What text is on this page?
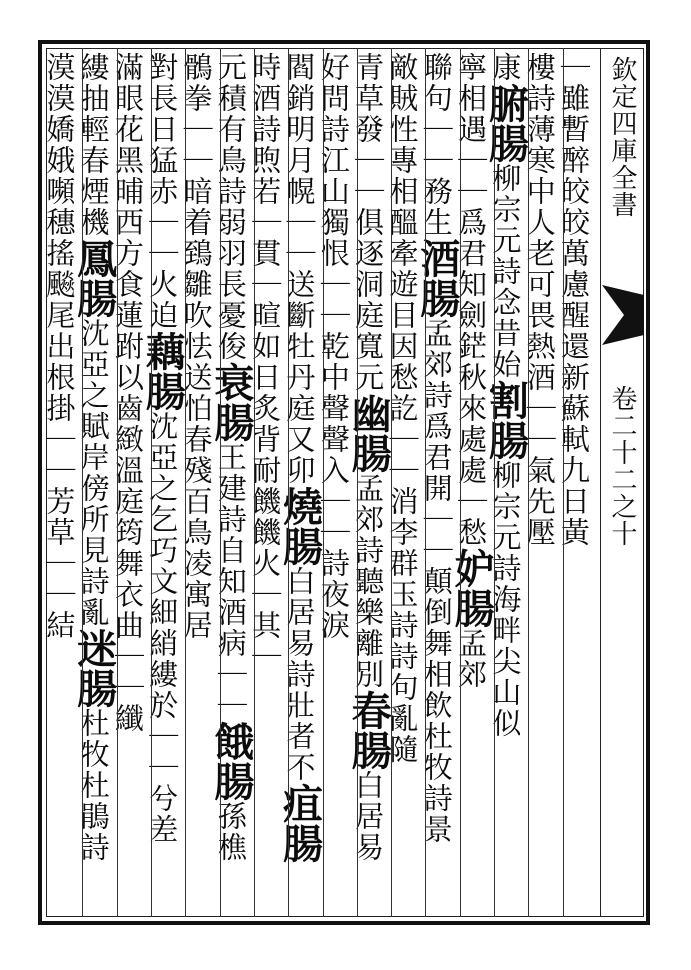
欽定四庫全書
卷二十二之十
｜雖暫醉皎皎萬慮醒還新蘇軾九日黃
樓詩薄寒中人老可畏熱酒｜｜氣先壓
康腑腸柳宗元詩念昔始割腸柳宗元詩海畔尖山似
寧相遇｜｜爲君知劍鋩秋來處處｜愁妒腸孟郊
聯句｜｜務生酒腸孟郊詩爲君開｜｜顛倒舞相飲杜牧詩景
敵賊性專相醞牽遊目因愁訖｜｜消李群玉詩詩句亂隨
青草發｜｜俱逐洞庭寬元幽腸孟郊詩聽樂離別春腸白居易
好問詩江山獨恨｜｜乾中聲聲入｜｜詩夜淚
閻銷明月幌｜｜送斷牡丹庭又卯燒腸白居易詩壯者不疽腸
時酒詩煦若｜貫｜暄如日炙背耐饑饑火｜其｜
元積有鳥詩弱羽長憂俊衰腸王建詩自知酒病｜｜餓腸孫樵
鶻拳｜｜暗着鵄雛吹怯送怕春殘百鳥凌寓居
對長日猛赤｜｜火迫藕腸沈亞之乞巧文細綃縷於｜｜兮差
滿眼花黑晡西方食蓮跗以齒緻溫庭筠舞衣曲｜｜纖
縷抽輕春煙機鳳腸沈亞之賦岸傍所見詩亂迷腸杜牧杜鵑詩
漠漠嬌娥嚬穗搖飈尾出根掛｜｜芳草｜｜結
